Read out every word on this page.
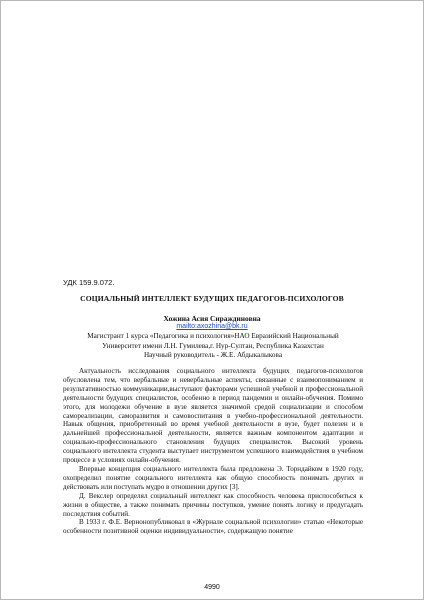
УДК 159.9.072.
СОЦИАЛЬНЫЙ ИНТЕЛЛЕКТ БУДУЩИХ ПЕДАГОГОВ-ПСИХОЛОГОВ
Хожина Асия Сираждиновна
mailto:axozhina@bk.ru
Магистрант 1 курса «Педагогика и психология»НАО Евразийский Национальный
Университет имени Л.Н. Гумилева,г. Нур-Султан, Республика Казахстан
Научный руководитель - Ж.Е. Абдыкалыкова

Актуальность исследования социального интеллекта будущих педагогов-психологов обусловлена тем, что вербальные и невербальные аспекты, связанные с взаимопониманием и результативностью коммуникации,выступают факторами успешной учебной и профессиональной деятельности будущих специалистов, особенно в период пандемии и онлайн-обучения. Помимо этого, для молодежи обучение в вузе является значимой средой социализации и способом самореализации, саморазвития и самовоспитания в учебно-профессиональной деятельности. Навык общения, приобретенный во время учебной деятельности в вузе, будет полезен и в дальнейшей профессиональной деятельности, является важным компонентом адаптации и социально-профессионального становления будущих специалистов. Высокий уровень социального интеллекта студента выступает инструментом успешного взаимодействия в учебном процессе в условиях онлайн-обучения.

Впервые концепция социального интеллекта была предложена Э. Торндайком в 1920 году, охопределил понятие социального интеллекта как общую способность понимать других и действовать или поступать мудро в отношении других [3].

Д. Векслер определял социальный интеллект как способность человека приспособиться к жизни в обществе, а также понимать причины поступков, умение понять логику и предугадать последствия событий.

В 1933 г. Ф.Е. Вернонопубликовал в «Журнале социальной психологии» статью «Некоторые особенности позитивной оценки индивидуальности», содержащую понятие

4990
